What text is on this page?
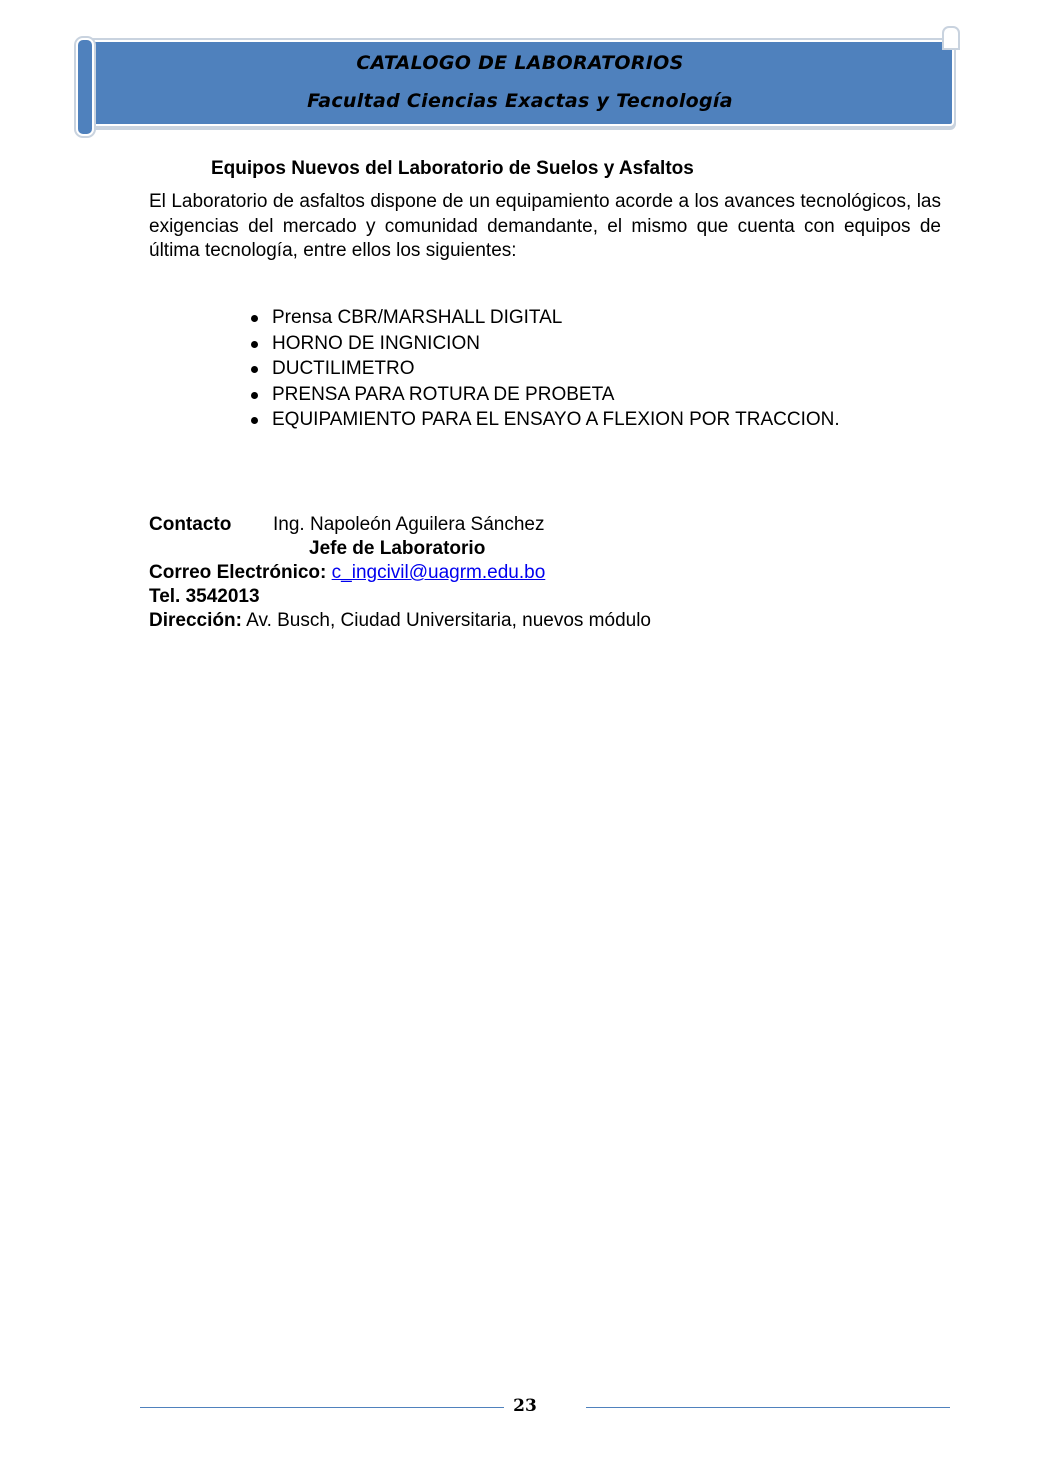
CATALOGO DE LABORATORIOS
Facultad Ciencias Exactas y Tecnología
Equipos Nuevos del Laboratorio de Suelos y Asfaltos
El Laboratorio de asfaltos dispone de un equipamiento acorde a los avances tecnológicos, las exigencias del mercado y comunidad demandante, el mismo que cuenta con equipos de última tecnología, entre ellos los siguientes:
Prensa CBR/MARSHALL DIGITAL
HORNO DE INGNICION
DUCTILIMETRO
PRENSA PARA ROTURA DE PROBETA
EQUIPAMIENTO PARA EL ENSAYO A FLEXION POR TRACCION.
Contacto Ing. Napoleón Aguilera Sánchez
Jefe de Laboratorio
Correo Electrónico: c_ingcivil@uagrm.edu.bo
Tel. 3542013
Dirección: Av. Busch, Ciudad Universitaria, nuevos módulo
23
